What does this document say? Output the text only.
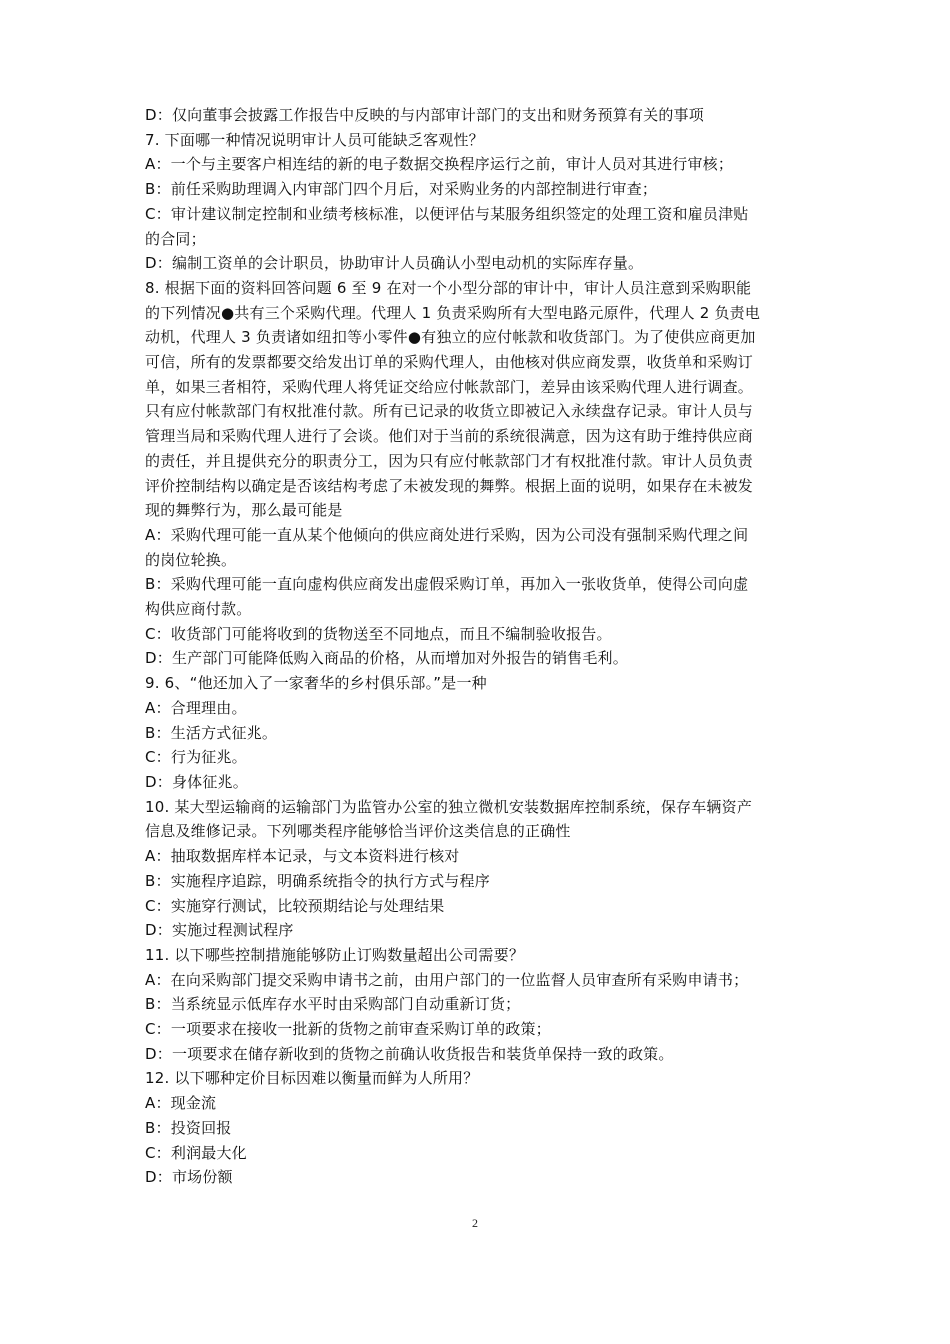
D：仅向董事会披露工作报告中反映的与内部审计部门的支出和财务预算有关的事项
7. 下面哪一种情况说明审计人员可能缺乏客观性？
A：一个与主要客户相连结的新的电子数据交换程序运行之前，审计人员对其进行审核；
B：前任采购助理调入内审部门四个月后，对采购业务的内部控制进行审查；
C：审计建议制定控制和业绩考核标准，以便评估与某服务组织签定的处理工资和雇员津贴
的合同；
D：编制工资单的会计职员，协助审计人员确认小型电动机的实际库存量。
8. 根据下面的资料回答问题 6 至 9 在对一个小型分部的审计中，审计人员注意到采购职能
的下列情况●共有三个采购代理。代理人 1 负责采购所有大型电路元原件，代理人 2 负责电
动机，代理人 3 负责诸如纽扣等小零件●有独立的应付帐款和收货部门。为了使供应商更加
可信，所有的发票都要交给发出订单的采购代理人，由他核对供应商发票，收货单和采购订
单，如果三者相符，采购代理人将凭证交给应付帐款部门，差异由该采购代理人进行调查。
只有应付帐款部门有权批准付款。所有已记录的收货立即被记入永续盘存记录。审计人员与
管理当局和采购代理人进行了会谈。他们对于当前的系统很满意，因为这有助于维持供应商
的责任，并且提供充分的职责分工，因为只有应付帐款部门才有权批准付款。审计人员负责
评价控制结构以确定是否该结构考虑了未被发现的舞弊。根据上面的说明，如果存在未被发
现的舞弊行为，那么最可能是
A：采购代理可能一直从某个他倾向的供应商处进行采购，因为公司没有强制采购代理之间
的岗位轮换。
B：采购代理可能一直向虚构供应商发出虚假采购订单，再加入一张收货单，使得公司向虚
构供应商付款。
C：收货部门可能将收到的货物送至不同地点，而且不编制验收报告。
D：生产部门可能降低购入商品的价格，从而增加对外报告的销售毛利。
9. 6、“他还加入了一家奢华的乡村俱乐部。”是一种
A：合理理由。
B：生活方式征兆。
C：行为征兆。
D：身体征兆。
10. 某大型运输商的运输部门为监管办公室的独立微机安装数据库控制系统，保存车辆资产
信息及维修记录。下列哪类程序能够恰当评价这类信息的正确性
A：抽取数据库样本记录，与文本资料进行核对
B：实施程序追踪，明确系统指令的执行方式与程序
C：实施穿行测试，比较预期结论与处理结果
D：实施过程测试程序
11. 以下哪些控制措施能够防止订购数量超出公司需要？
A：在向采购部门提交采购申请书之前，由用户部门的一位监督人员审查所有采购申请书；
B：当系统显示低库存水平时由采购部门自动重新订货；
C：一项要求在接收一批新的货物之前审查采购订单的政策；
D：一项要求在储存新收到的货物之前确认收货报告和装货单保持一致的政策。
12. 以下哪种定价目标因难以衡量而鲜为人所用？
A：现金流
B：投资回报
C：利润最大化
D：市场份额
2
